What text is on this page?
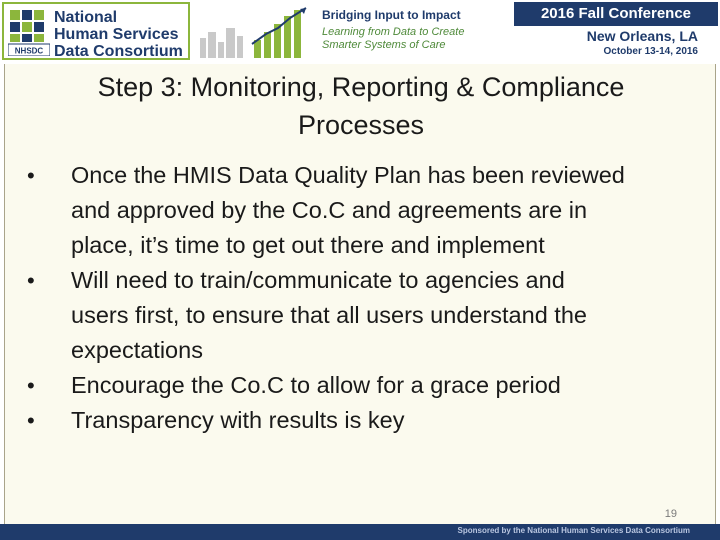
NHSDC
National
Human Services
Data Consortium
Bridging Input to Impact
Learning from Data to Create
Smarter Systems of Care
2016 Fall Conference
New Orleans, LA
October 13-14, 2016
Step 3: Monitoring, Reporting & Compliance
Processes
•	Once the HMIS Data Quality Plan has been reviewed
and approved by the Co.C and agreements are in
place, it’s time to get out there and implement
•	Will need to train/communicate to agencies and
users first, to ensure that all users understand the
expectations
•	Encourage the Co.C to allow for a grace period
•	Transparency with results is key
19
Sponsored by the National Human Services Data Consortium
